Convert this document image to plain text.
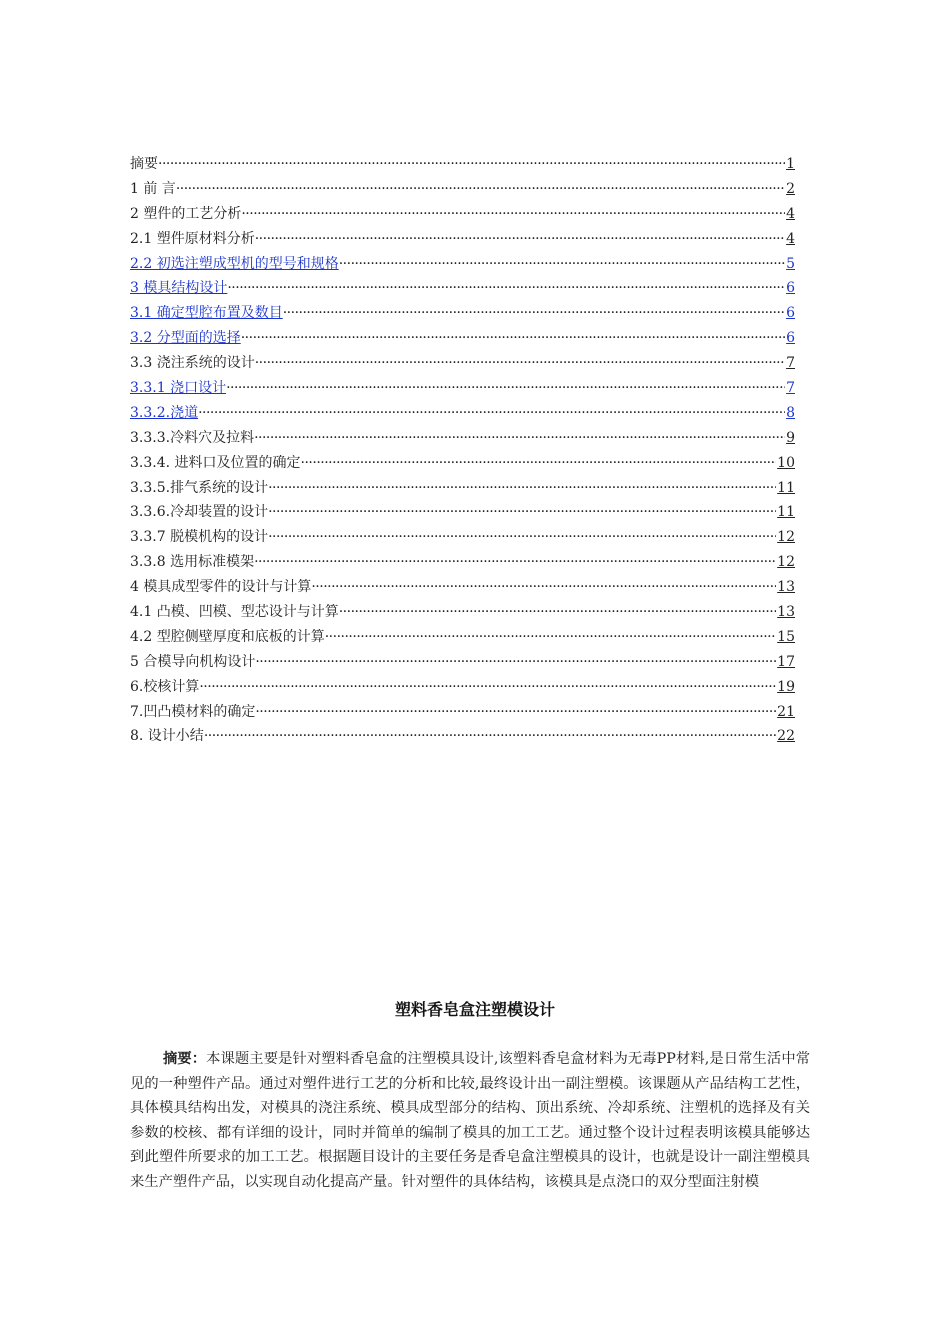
摘要 ·····	1
1 前 言 ·····	2
2 塑件的工艺分析 ·····	4
2.1 塑件原材料分析 ·····	4
2.2 初选注塑成型机的型号和规格 ·····	5
3 模具结构设计 ·····	6
3.1 确定型腔布置及数目 ·····	6
3.2 分型面的选择 ·····	6
3.3 浇注系统的设计 ·····	7
3.3.1 浇口设计 ·····	7
3.3.2.浇道 ·····	8
3.3.3.冷料穴及拉料 ·····	9
3.3.4. 进料口及位置的确定 ·····	10
3.3.5.排气系统的设计 ·····	11
3.3.6.冷却装置的设计 ·····	11
3.3.7 脱模机构的设计 ·····	12
3.3.8 选用标准模架 ·····	12
4 模具成型零件的设计与计算 ·····	13
4.1 凸模、凹模、型芯设计与计算 ·····	13
4.2 型腔侧壁厚度和底板的计算 ·····	15
5 合模导向机构设计 ·····	17
6.校核计算 ·····	19
7.凹凸模材料的确定 ·····	21
8. 设计小结 ·····	22
塑料香皂盒注塑模设计
摘要：本课题主要是针对塑料香皂盒的注塑模具设计,该塑料香皂盒材料为无毒PP材料,是日常生活中常见的一种塑件产品。通过对塑件进行工艺的分析和比较,最终设计出一副注塑模。该课题从产品结构工艺性，具体模具结构出发，对模具的浇注系统、模具成型部分的结构、顶出系统、冷却系统、注塑机的选择及有关参数的校核、都有详细的设计，同时并简单的编制了模具的加工工艺。通过整个设计过程表明该模具能够达到此塑件所要求的加工工艺。根据题目设计的主要任务是香皂盒注塑模具的设计，也就是设计一副注塑模具来生产塑件产品，以实现自动化提高产量。针对塑件的具体结构，该模具是点浇口的双分型面注射模
